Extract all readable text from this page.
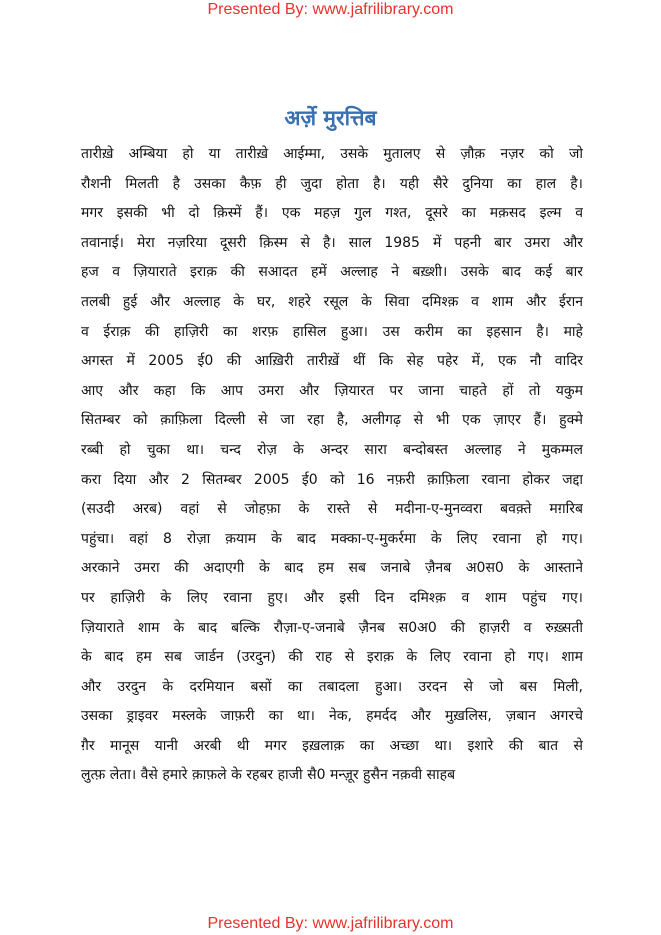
Presented By: www.jafrilibrary.com
अर्ज़े मुरत्तिब
तारीख़े अम्बिया हो या तारीख़े आईम्मा, उसके मुतालए से ज़ौक़ नज़र को जो
रौशनी मिलती है उसका कैफ़ ही जुदा होता है। यही सैरे दुनिया का हाल है।
मगर इसकी भी दो क़िस्में हैं। एक महज़ गुल गश्त, दूसरे का मक़सद इल्म व
तवानाई। मेरा नज़रिया दूसरी क़िस्म से है। साल 1985 में पहनी बार उमरा और
हज व ज़ियाराते इराक़ की सआदत हमें अल्लाह ने बख़्शी। उसके बाद कई बार
तलबी हुई और अल्लाह के घर, शहरे रसूल के सिवा दमिश्क़ व शाम और ईरान
व ईराक़ की हाज़िरी का शरफ़ हासिल हुआ। उस करीम का इहसान है। माहे
अगस्त में 2005 ई0 की आख़िरी तारीख़ें थीं कि सेह पहेर में, एक नौ वादिर
आए और कहा कि आप उमरा और ज़ियारत पर जाना चाहते हों तो यकुम
सितम्बर को क़ाफ़िला दिल्ली से जा रहा है, अलीगढ़ से भी एक ज़ाएर हैं। हुक्मे
रब्बी हो चुका था। चन्द रोज़ के अन्दर सारा बन्दोबस्त अल्लाह ने मुकम्मल
करा दिया और 2 सितम्बर 2005 ई0 को 16 नफ़री क़ाफ़िला रवाना होकर जद्दा
(सउदी अरब) वहां से जोहफ़ा के रास्ते से मदीना-ए-मुनव्वरा बवक़्ते मग़रिब
पहुंचा। वहां 8 रोज़ा क़याम के बाद मक्का-ए-मुकर्रमा के लिए रवाना हो गए।
अरकाने उमरा की अदाएगी के बाद हम सब जनाबे ज़ैनब अ0स0 के आस्ताने
पर हाज़िरी के लिए रवाना हुए। और इसी दिन दमिश्क़ व शाम पहुंच गए।
ज़ियाराते शाम के बाद बल्कि रौज़ा-ए-जनाबे ज़ैनब स0अ0 की हाज़री व रुख़्सती
के बाद हम सब जार्डन (उरदुन) की राह से इराक़ के लिए रवाना हो गए। शाम
और उरदुन के दरमियान बसों का तबादला हुआ। उरदन से जो बस मिली,
उसका ड्राइवर मस्लके जाफ़री का था। नेक, हमर्दद और मुख़लिस, ज़बान अगरचे
ग़ैर मानूस यानी अरबी थी मगर इख़लाक़ का अच्छा था। इशारे की बात से
लुत्फ़ लेता। वैसे हमारे क़ाफ़ले के रहबर हाजी सै0 मन्ज़ूर हुसैन नक़वी साहब
Presented By: www.jafrilibrary.com
